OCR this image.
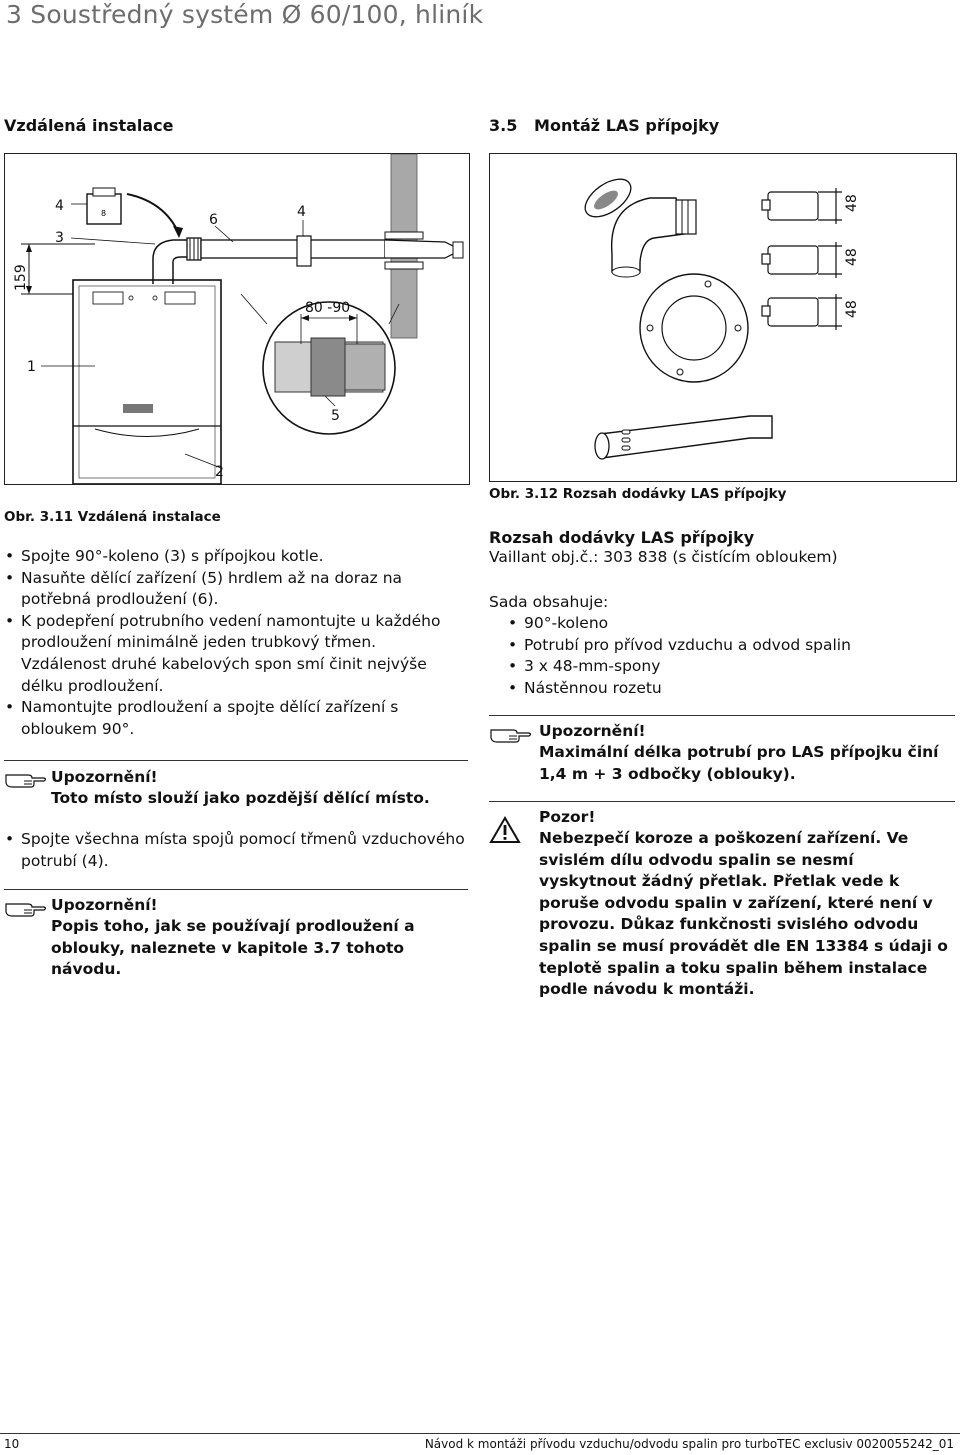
3 Soustředný systém Ø 60/100, hliník
Vzdálená instalace
159
1
2
8
4
3
6	4
80 -90
5
Obr. 3.11 Vzdálená instalace
• Spojte 90°-koleno (3) s přípojkou kotle.
• Nasuňte dělící zařízení (5) hrdlem až na doraz na potřebná prodloužení (6).
• K podepření potrubního vedení namontujte u každého prodloužení minimálně jeden trubkový třmen. Vzdálenost druhé kabelových spon smí činit nejvýše délku prodloužení.
• Namontujte prodloužení a spojte dělící zařízení s obloukem 90°.
Upozornění!
Toto místo slouží jako pozdější dělící místo.
• Spojte všechna místa spojů pomocí třmenů vzduchového potrubí (4).
Upozornění!
Popis toho, jak se používají prodloužení a oblouky, naleznete v kapitole 3.7 tohoto návodu.
3.5   Montáž LAS přípojky
48
48
48
Obr. 3.12 Rozsah dodávky LAS přípojky
Rozsah dodávky LAS přípojky
Vaillant obj.č.: 303 838 (s čistícím obloukem)
Sada obsahuje:
• 90°-koleno
• Potrubí pro přívod vzduchu a odvod spalin
• 3 x 48-mm-spony
• Nástěnnou rozetu
Upozornění!
Maximální délka potrubí pro LAS přípojku činí 1,4 m + 3 odbočky (oblouky).
Pozor!
Nebezpečí koroze a poškození zařízení. Ve svislém dílu odvodu spalin se nesmí vyskytnout žádný přetlak. Přetlak vede k poruše odvodu spalin v zařízení, které není v provozu. Důkaz funkčnosti svislého odvodu spalin se musí provádět dle EN 13384 s údaji o teplotě spalin a toku spalin během instalace podle návodu k montáži.
10	Návod k montáži přívodu vzduchu/odvodu spalin pro turboTEC exclusiv 0020055242_01
